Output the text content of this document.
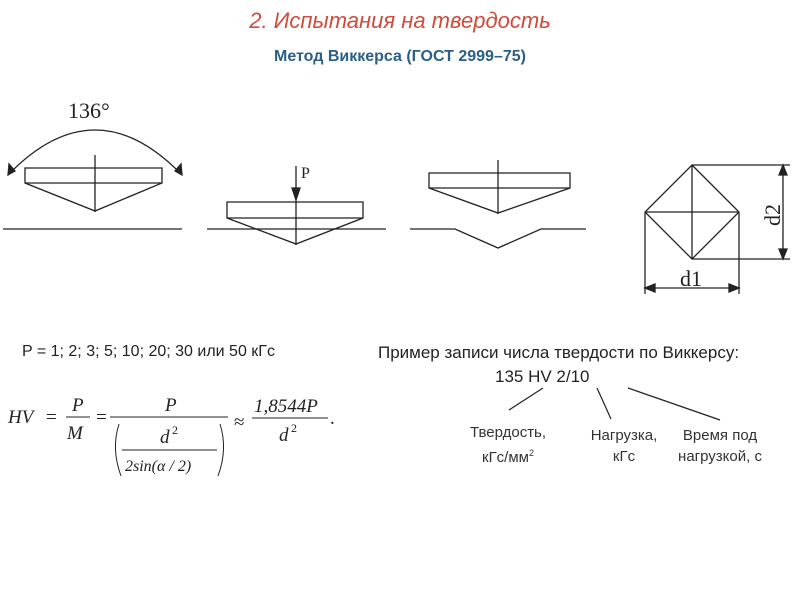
2. Испытания на твердость
Метод Виккерса (ГОСТ 2999–75)
136°
P
d1
d2
P = 1; 2; 3; 5; 10; 20; 30 или 50 кГс
HV =
P
M
=
P
d 2
2sin(α / 2)
≈
1,8544P
d 2 .
Пример записи числа твердости по Виккерсу:
135 HV 2/10
Твердость,
кГс/$мм^2$
Нагрузка,
кГс
Время под
нагрузкой, с
